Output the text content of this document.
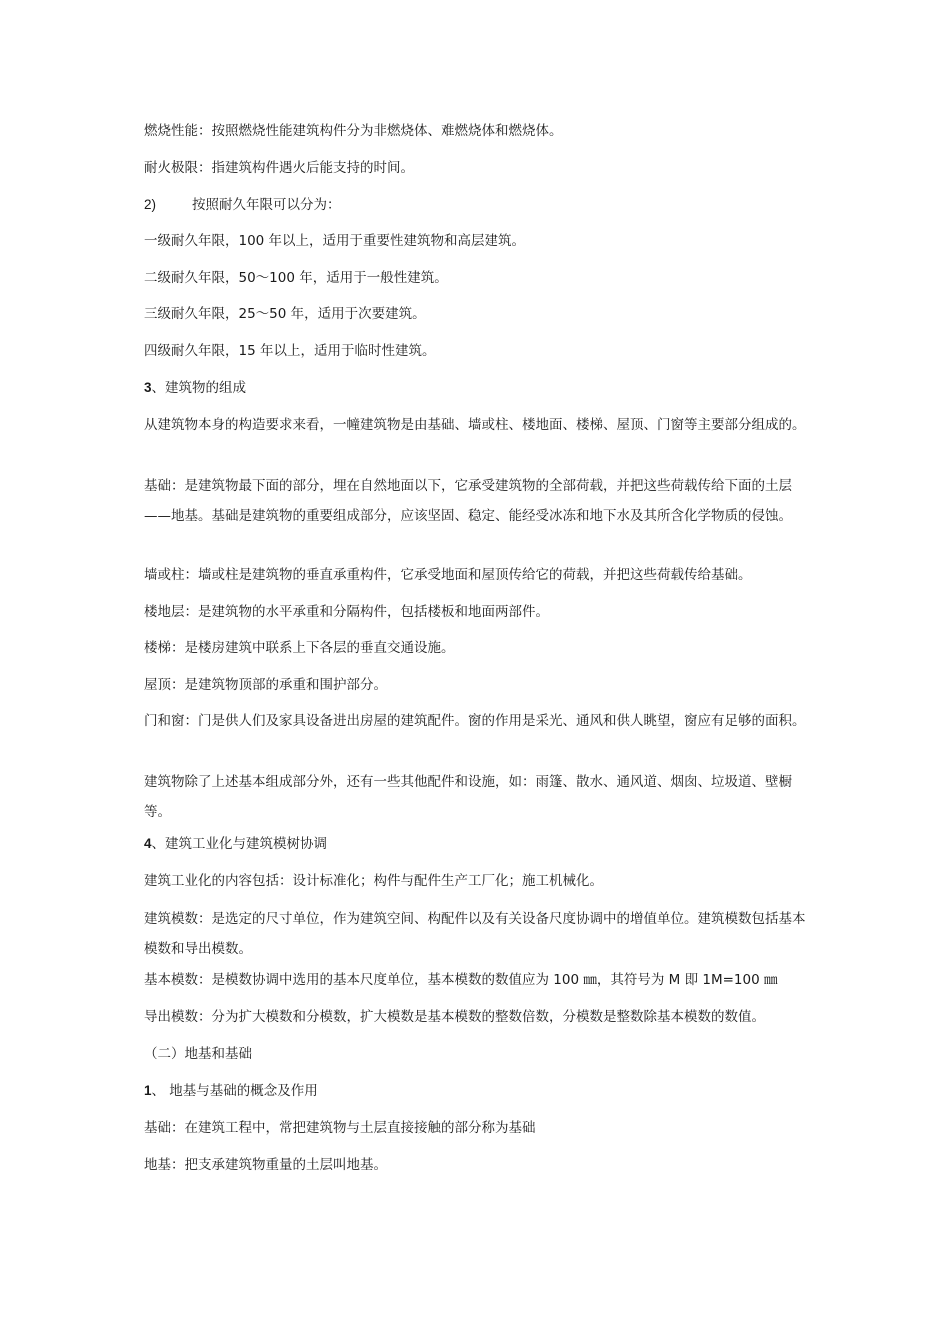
燃烧性能：按照燃烧性能建筑构件分为非燃烧体、难燃烧体和燃烧体。
耐火极限：指建筑构件遇火后能支持的时间。
2)	按照耐久年限可以分为：
一级耐久年限，100 年以上，适用于重要性建筑物和高层建筑。
二级耐久年限，50～100 年，适用于一般性建筑。
三级耐久年限，25～50 年，适用于次要建筑。
四级耐久年限，15 年以上，适用于临时性建筑。
3、建筑物的组成
从建筑物本身的构造要求来看，一幢建筑物是由基础、墙或柱、楼地面、楼梯、屋顶、门窗等主要部分组成的。
基础：是建筑物最下面的部分，埋在自然地面以下，它承受建筑物的全部荷载，并把这些荷载传给下面的土层——地基。基础是建筑物的重要组成部分，应该坚固、稳定、能经受冰冻和地下水及其所含化学物质的侵蚀。
墙或柱：墙或柱是建筑物的垂直承重构件，它承受地面和屋顶传给它的荷载，并把这些荷载传给基础。
楼地层：是建筑物的水平承重和分隔构件，包括楼板和地面两部件。
楼梯：是楼房建筑中联系上下各层的垂直交通设施。
屋顶：是建筑物顶部的承重和围护部分。
门和窗：门是供人们及家具设备进出房屋的建筑配件。窗的作用是采光、通风和供人眺望，窗应有足够的面积。
建筑物除了上述基本组成部分外，还有一些其他配件和设施，如：雨篷、散水、通风道、烟囱、垃圾道、壁橱等。
4、建筑工业化与建筑模树协调
建筑工业化的内容包括：设计标准化；构件与配件生产工厂化；施工机械化。
建筑模数：是选定的尺寸单位，作为建筑空间、构配件以及有关设备尺度协调中的增值单位。建筑模数包括基本模数和导出模数。
基本模数：是模数协调中选用的基本尺度单位，基本模数的数值应为 100 ㎜，其符号为 M 即 1M=100 ㎜
导出模数：分为扩大模数和分模数，扩大模数是基本模数的整数倍数，分模数是整数除基本模数的数值。
（二）地基和基础
1、 地基与基础的概念及作用
基础：在建筑工程中，常把建筑物与土层直接接触的部分称为基础
地基：把支承建筑物重量的土层叫地基。
